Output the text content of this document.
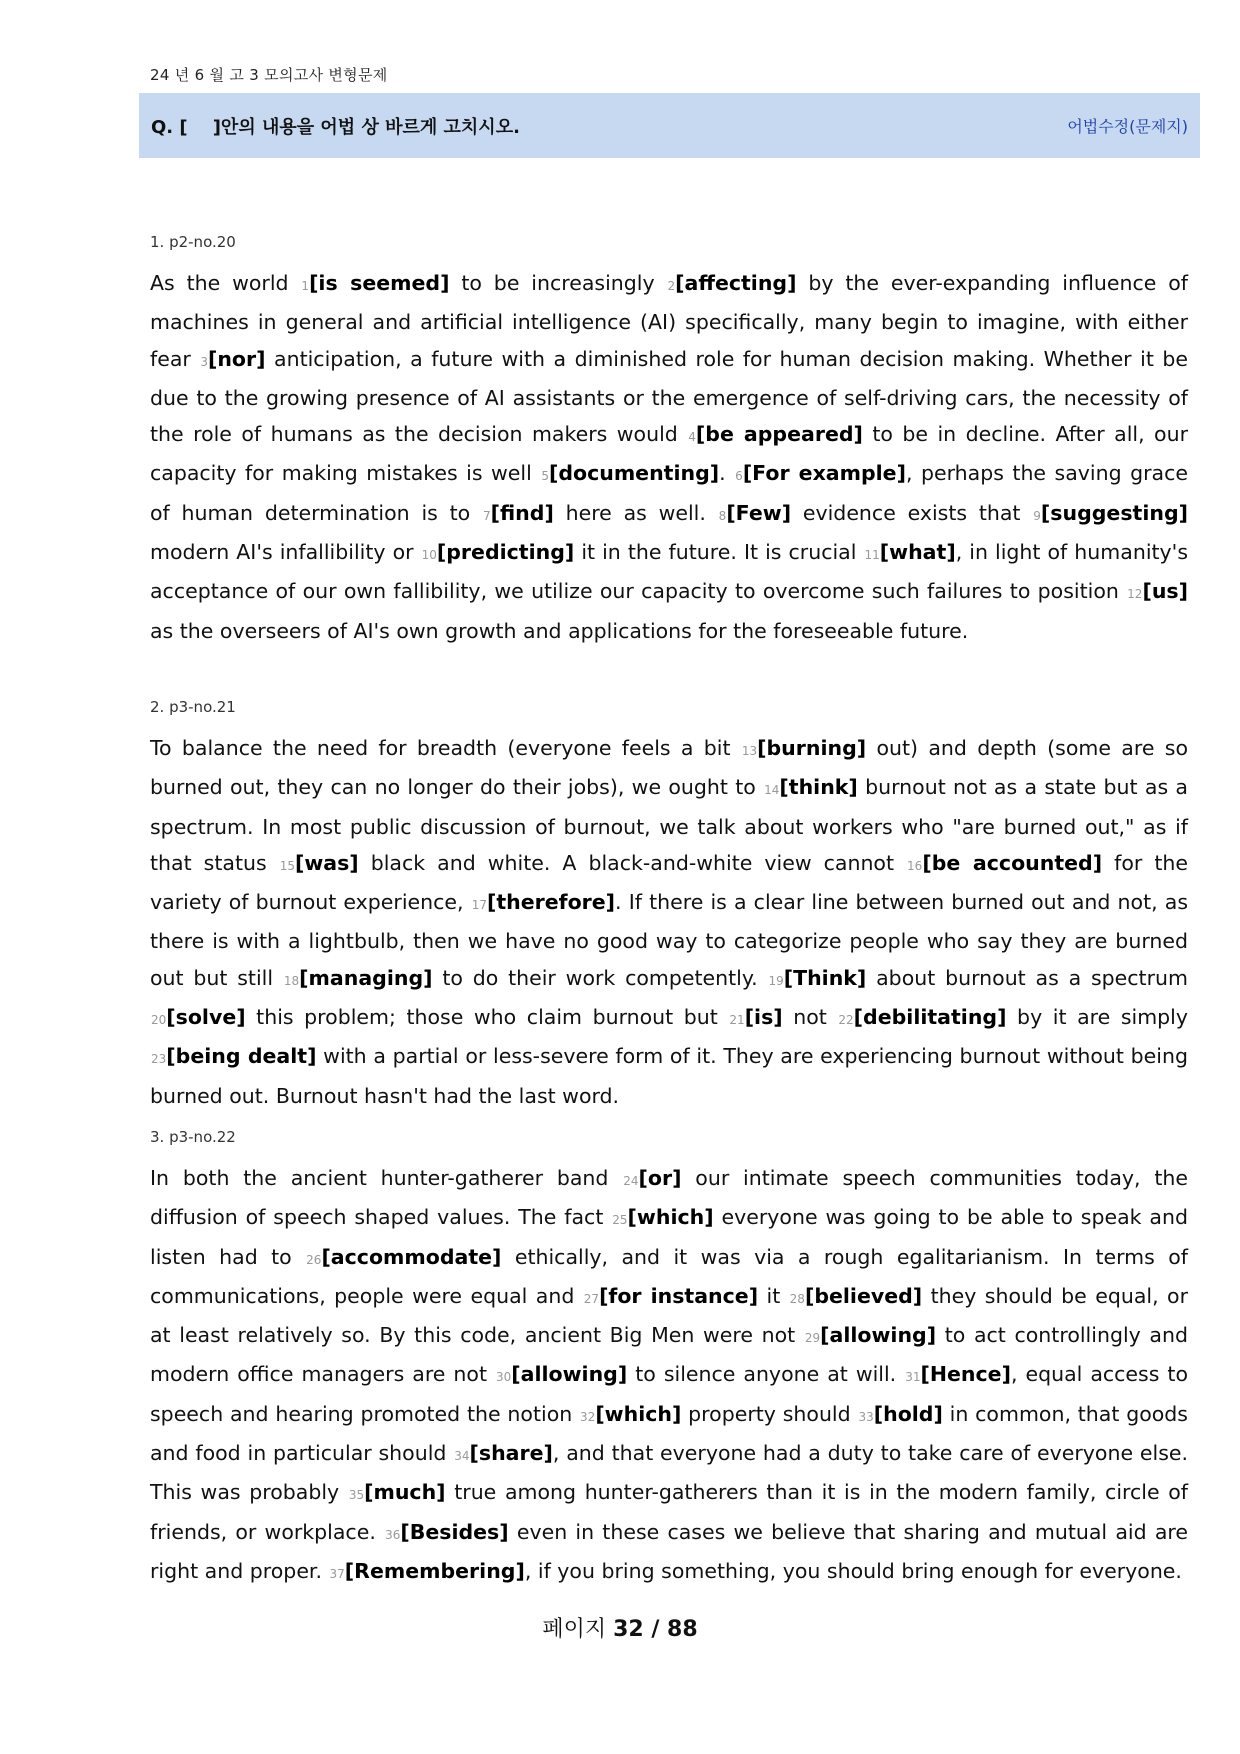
24 년 6 월 고 3 모의고사 변형문제
Q. [    ]안의 내용을 어법 상 바르게 고치시오.	어법수정(문제지)
1. p2-no.20

As the world 1[is seemed] to be increasingly 2[affecting] by the ever-expanding influence of machines in general and artificial intelligence (AI) specifically, many begin to imagine, with either fear 3[nor] anticipation, a future with a diminished role for human decision making. Whether it be due to the growing presence of AI assistants or the emergence of self-driving cars, the necessity of the role of humans as the decision makers would 4[be appeared] to be in decline. After all, our capacity for making mistakes is well 5[documenting]. 6[For example], perhaps the saving grace of human determination is to 7[find] here as well. 8[Few] evidence exists that 9[suggesting] modern AI's infallibility or 10[predicting] it in the future. It is crucial 11[what], in light of humanity's acceptance of our own fallibility, we utilize our capacity to overcome such failures to position 12[us] as the overseers of AI's own growth and applications for the foreseeable future.

2. p3-no.21

To balance the need for breadth (everyone feels a bit 13[burning] out) and depth (some are so burned out, they can no longer do their jobs), we ought to 14[think] burnout not as a state but as a spectrum. In most public discussion of burnout, we talk about workers who "are burned out," as if that status 15[was] black and white. A black-and-white view cannot 16[be accounted] for the variety of burnout experience, 17[therefore]. If there is a clear line between burned out and not, as there is with a lightbulb, then we have no good way to categorize people who say they are burned out but still 18[managing] to do their work competently. 19[Think] about burnout as a spectrum 20[solve] this problem; those who claim burnout but 21[is] not 22[debilitating] by it are simply 23[being dealt] with a partial or less-severe form of it. They are experiencing burnout without being burned out. Burnout hasn't had the last word.

3. p3-no.22

In both the ancient hunter-gatherer band 24[or] our intimate speech communities today, the diffusion of speech shaped values. The fact 25[which] everyone was going to be able to speak and listen had to 26[accommodate] ethically, and it was via a rough egalitarianism. In terms of communications, people were equal and 27[for instance] it 28[believed] they should be equal, or at least relatively so. By this code, ancient Big Men were not 29[allowing] to act controllingly and modern office managers are not 30[allowing] to silence anyone at will. 31[Hence], equal access to speech and hearing promoted the notion 32[which] property should 33[hold] in common, that goods and food in particular should 34[share], and that everyone had a duty to take care of everyone else. This was probably 35[much] true among hunter-gatherers than it is in the modern family, circle of friends, or workplace. 36[Besides] even in these cases we believe that sharing and mutual aid are right and proper. 37[Remembering], if you bring something, you should bring enough for everyone.

페이지 32 / 88
